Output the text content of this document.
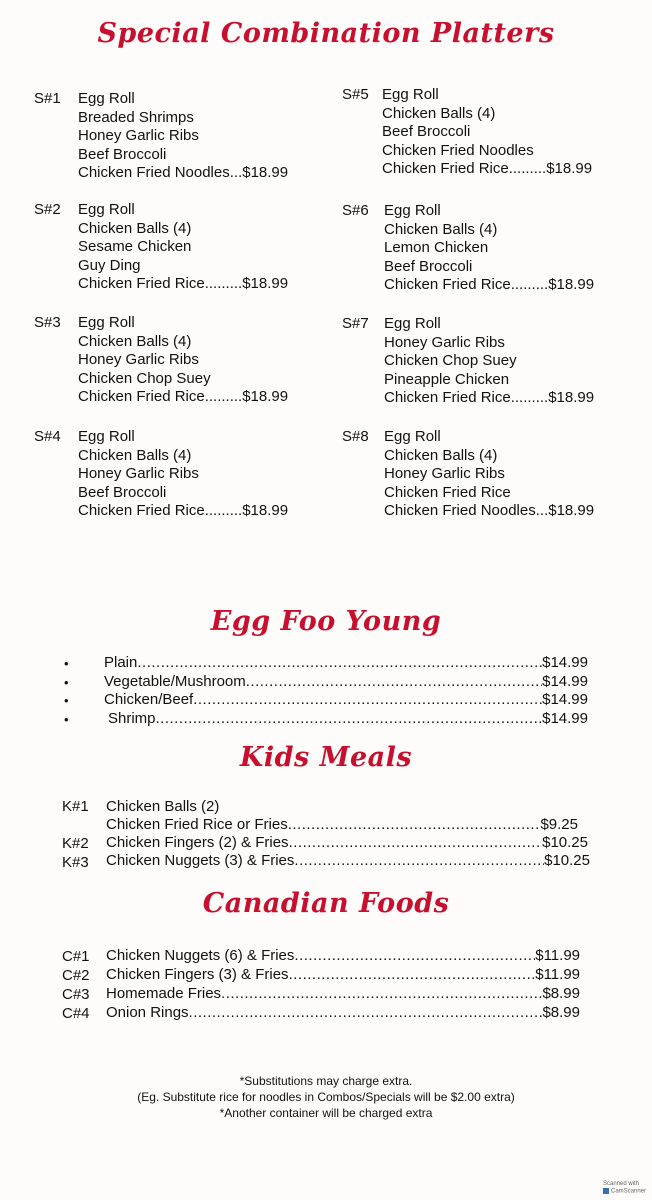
Special Combination Platters
Egg Foo Young
Kids Meals
Canadian Foods
S#1 Egg Roll
Breaded Shrimps
Honey Garlic Ribs
Beef Broccoli
Chicken Fried Noodles...$18.99
S#2 Egg Roll
Chicken Balls (4)
Sesame Chicken
Guy Ding
Chicken Fried Rice.........$18.99
S#3 Egg Roll
Chicken Balls (4)
Honey Garlic Ribs
Chicken Chop Suey
Chicken Fried Rice.........$18.99
S#4 Egg Roll
Chicken Balls (4)
Honey Garlic Ribs
Beef Broccoli
Chicken Fried Rice.........$18.99
S#5 Egg Roll
Chicken Balls (4)
Beef Broccoli
Chicken Fried Noodles
Chicken Fried Rice.........$18.99
S#6 Egg Roll
Chicken Balls (4)
Lemon Chicken
Beef Broccoli
Chicken Fried Rice.........$18.99
S#7 Egg Roll
Honey Garlic Ribs
Chicken Chop Suey
Pineapple Chicken
Chicken Fried Rice.........$18.99
S#8 Egg Roll
Chicken Balls (4)
Honey Garlic Ribs
Chicken Fried Rice
Chicken Fried Noodles...$18.99
• Plain .....	$14.99
• Vegetable/Mushroom .....	$14.99
• Chicken/Beef .....	$14.99
•	Shrimp .....	$14.99
K#1 Chicken Balls (2)
Chicken Fried Rice or Fries .....	$9.25
K#2 Chicken Fingers (2) & Fries .....	$10.25
K#3 Chicken Nuggets (3) & Fries .....	$10.25
C#1 Chicken Nuggets (6) & Fries .....	$11.99
C#2 Chicken Fingers (3) & Fries .....	$11.99
C#3 Homemade Fries .....	$8.99
C#4 Onion Rings .....	$8.99
*Substitutions may charge extra.
(Eg. Substitute rice for noodles in Combos/Specials will be $2.00 extra)
*Another container will be charged extra
Scanned with
CamScanner
